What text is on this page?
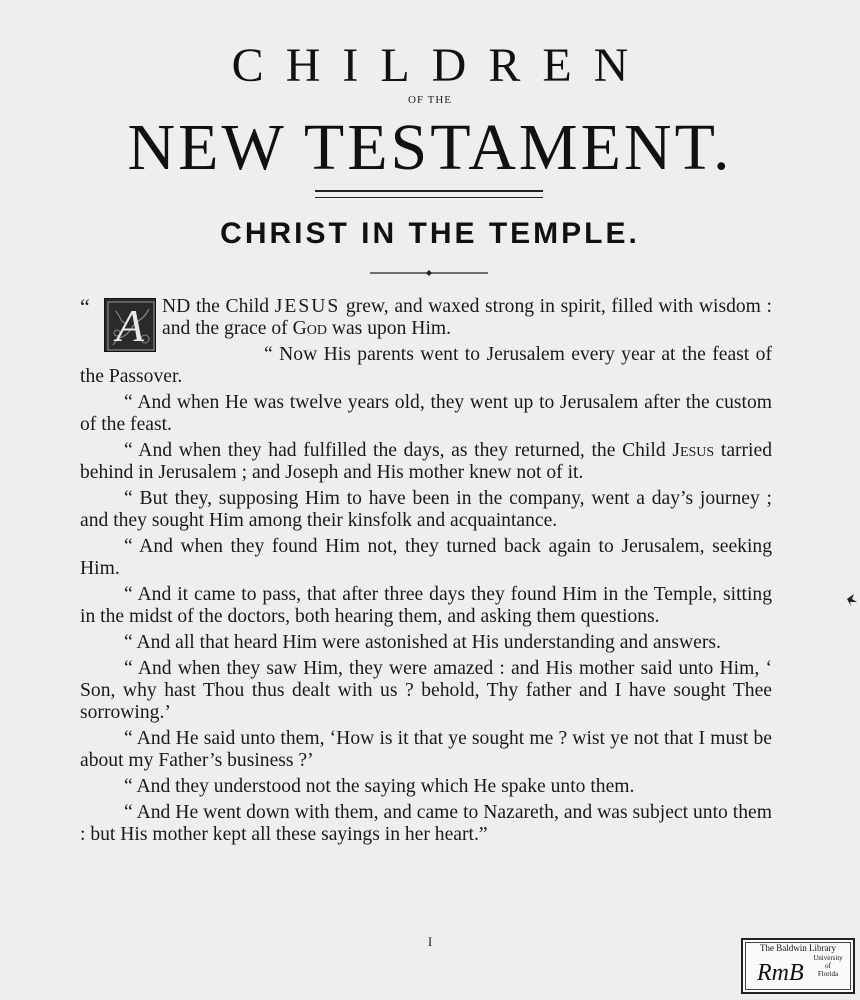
CHILDREN
OF THE
NEW TESTAMENT.
CHRIST IN THE TEMPLE.

“ A ND the Child JESUS grew, and waxed strong in spirit, filled with wisdom : and the grace of God was upon Him.

“ Now His parents went to Jerusalem every year at the feast of the Passover.

“ And when He was twelve years old, they went up to Jerusalem after the custom of the feast.

“ And when they had fulfilled the days, as they returned, the Child Jesus tarried behind in Jerusalem ; and Joseph and His mother knew not of it.

“ But they, supposing Him to have been in the company, went a day’s journey ; and they sought Him among their kinsfolk and acquaintance.

“ And when they found Him not, they turned back again to Jerusalem, seeking Him.

“ And it came to pass, that after three days they found Him in the Temple, sitting in the midst of the doctors, both hearing them, and asking them questions.

“ And all that heard Him were astonished at His understanding and answers.

“ And when they saw Him, they were amazed : and His mother said unto Him, ‘ Son, why hast Thou thus dealt with us ? behold, Thy father and I have sought Thee sorrowing.’

“ And He said unto them, ‘How is it that ye sought me ? wist ye not that I must be about my Father’s business ?’

“ And they understood not the saying which He spake unto them.

“ And He went down with them, and came to Nazareth, and was subject unto them : but His mother kept all these sayings in her heart.”

I	The Baldwin Library
RmB
University
of
Florida
